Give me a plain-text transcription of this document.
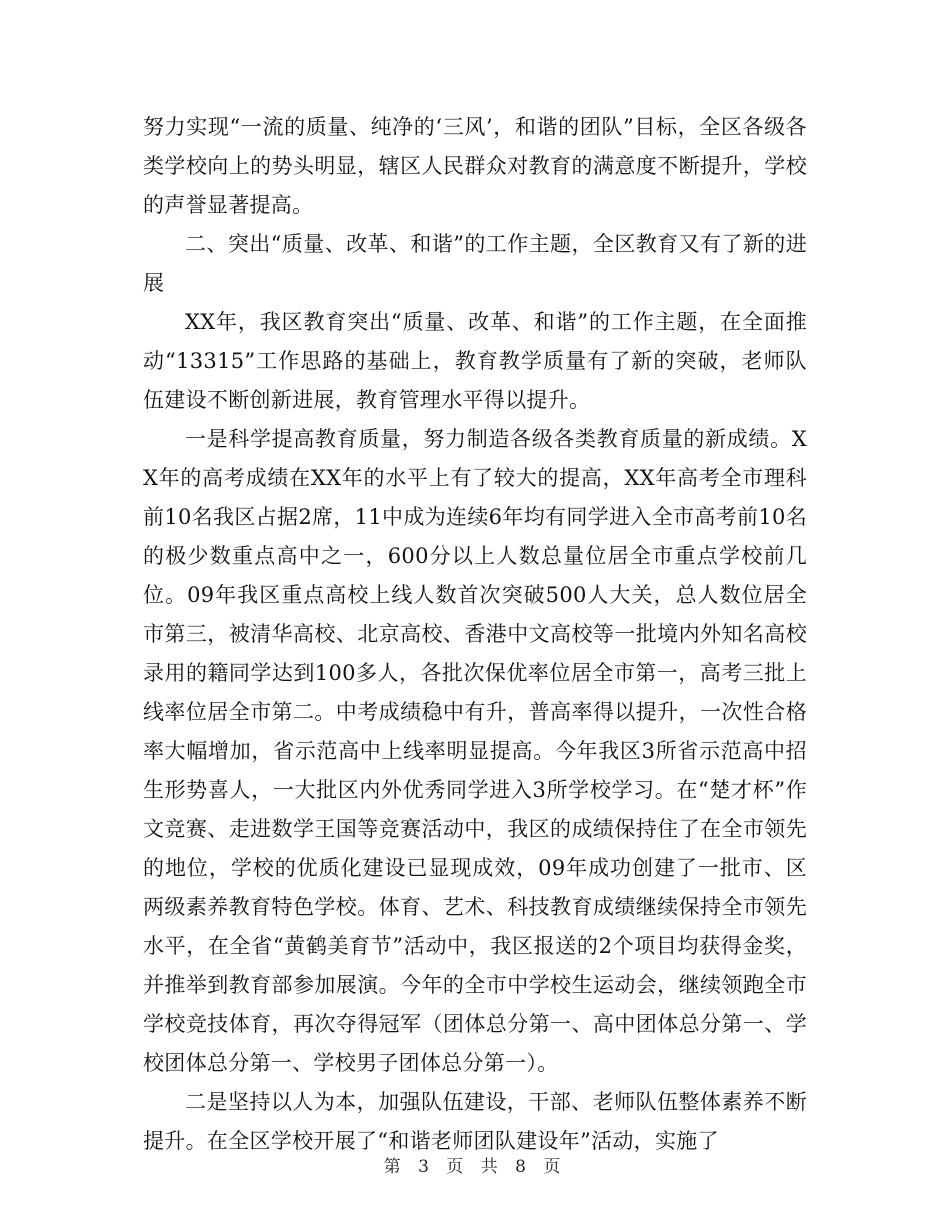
努力实现“一流的质量、纯净的‘三风’，和谐的团队”目标，全区各级各类学校向上的势头明显，辖区人民群众对教育的满意度不断提升，学校的声誉显著提高。

二、突出“质量、改革、和谐”的工作主题，全区教育又有了新的进展

XX年，我区教育突出“质量、改革、和谐”的工作主题，在全面推动“13315”工作思路的基础上，教育教学质量有了新的突破，老师队伍建设不断创新进展，教育管理水平得以提升。

一是科学提高教育质量，努力制造各级各类教育质量的新成绩。XX年的高考成绩在XX年的水平上有了较大的提高，XX年高考全市理科前10名我区占据2席，11中成为连续6年均有同学进入全市高考前10名的极少数重点高中之一，600分以上人数总量位居全市重点学校前几位。09年我区重点高校上线人数首次突破500人大关，总人数位居全市第三，被清华高校、北京高校、香港中文高校等一批境内外知名高校录用的籍同学达到100多人，各批次保优率位居全市第一，高考三批上线率位居全市第二。中考成绩稳中有升，普高率得以提升，一次性合格率大幅增加，省示范高中上线率明显提高。今年我区3所省示范高中招生形势喜人，一大批区内外优秀同学进入3所学校学习。在“楚才杯”作文竞赛、走进数学王国等竞赛活动中，我区的成绩保持住了在全市领先的地位，学校的优质化建设已显现成效，09年成功创建了一批市、区两级素养教育特色学校。体育、艺术、科技教育成绩继续保持全市领先水平，在全省“黄鹤美育节”活动中，我区报送的2个项目均获得金奖，并推举到教育部参加展演。今年的全市中学校生运动会，继续领跑全市学校竞技体育，再次夺得冠军（团体总分第一、高中团体总分第一、学校团体总分第一、学校男子团体总分第一）。

二是坚持以人为本，加强队伍建设，干部、老师队伍整体素养不断提升。在全区学校开展了“和谐老师团队建设年”活动，实施了

第 3 页 共 8 页
